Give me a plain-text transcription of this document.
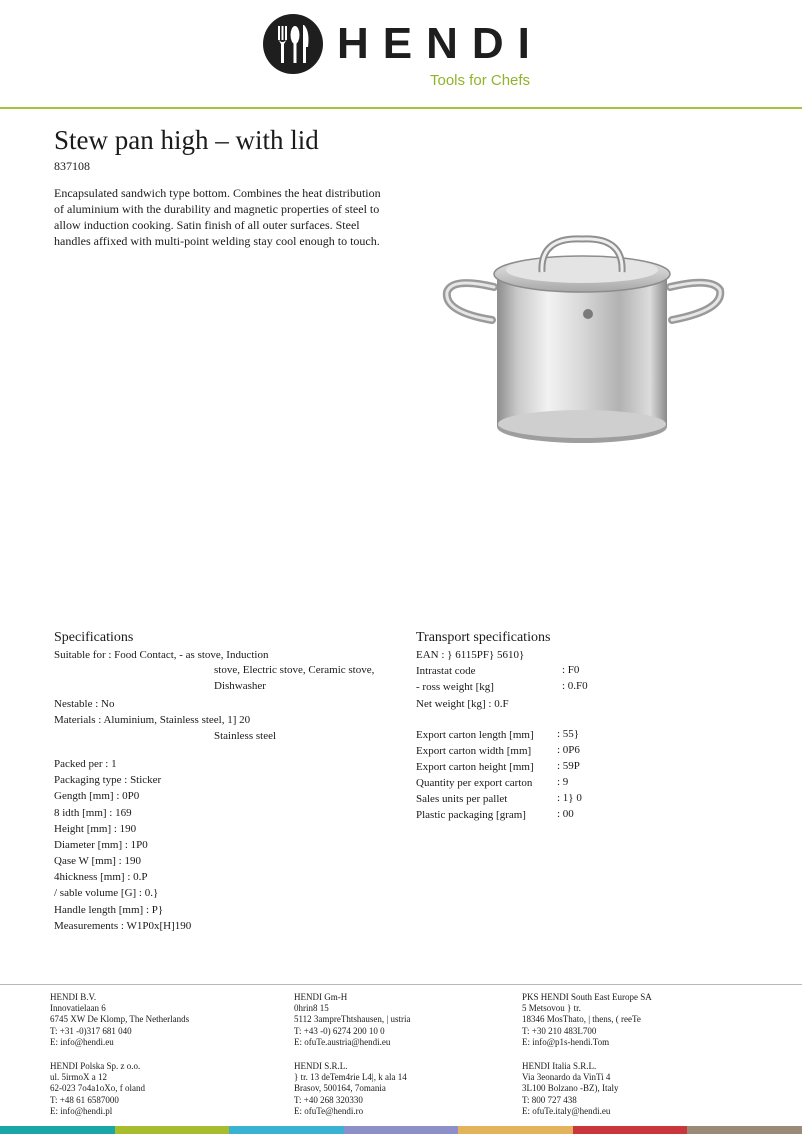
HENDI
Tools for Chefs
Stew pan high – with lid
837108
Encapsulated sandwich type bottom. Combines the heat distribution of aluminium with the durability and magnetic properties of steel to allow induction cooking. Satin finish of all outer surfaces. Steel handles affixed with multi-point welding stay cool enough to touch.
Specifications
Suitable for : Food Contact, - as stove, Induction
stove, Electric stove, Ceramic stove, Dishwasher
Nestable : No
Materials : Aluminium, Stainless steel, 1] 20
Stainless steel
Packed per : 1
Packaging type : Sticker
Gength [mm] : 0P0
8 idth [mm] : 169
Height [mm] : 190
Diameter [mm] : 1P0
Qase W [mm] : 190
4hickness [mm] : 0.P
/ sable volume [G] : 0.}
Handle length [mm] : P}
Measurements : W1P0x[H]190
Transport specifications
EAN : } 6115PF} 5610}
Intrastat code	: F0
- ross weight [kg]	: 0.F0
Net weight [kg] : 0.F
Export carton length [mm] : 55}
Export carton width [mm] : 0P6
Export carton height [mm] : 59P
Quantity per export carton : 9
Sales units per pallet	: 1} 0
Plastic packaging [gram]	: 00
HENDI B.V.
Innovatielaan 6
6745 XW De Klomp, The Netherlands
T: +31 -0)317 681 040
E: info@hendi.eu
HENDI Gm-H
0hrin8 15
5112 3ampreThtshausen, | ustria
T: +43 -0) 6274 200 10 0
E: ofuTe.austria@hendi.eu
PKS HENDI South East Europe SA
5 Metsovou } tr.
18346 MosThato, | thens, ( reeTe
T: +30 210 483L700
E: info@p1s-hendi.Tom
HENDI Polska Sp. z o.o.
ul. 5irmoX a 12
62-023 7o4a1oXo, f oland
T: +48 61 6587000
E: info@hendi.pl
HENDI S.R.L.
} tr. 13 deTem4rie L4|, k ala 14
Brasov, 500164, 7omania
T: +40 268 320330
E: ofuTe@hendi.ro
HENDI Italia S.R.L.
Via 3eonardo da VinTi 4
3L100 Bolzano -BZ), Italy
T: 800 727 438
E: ofuTe.italy@hendi.eu
